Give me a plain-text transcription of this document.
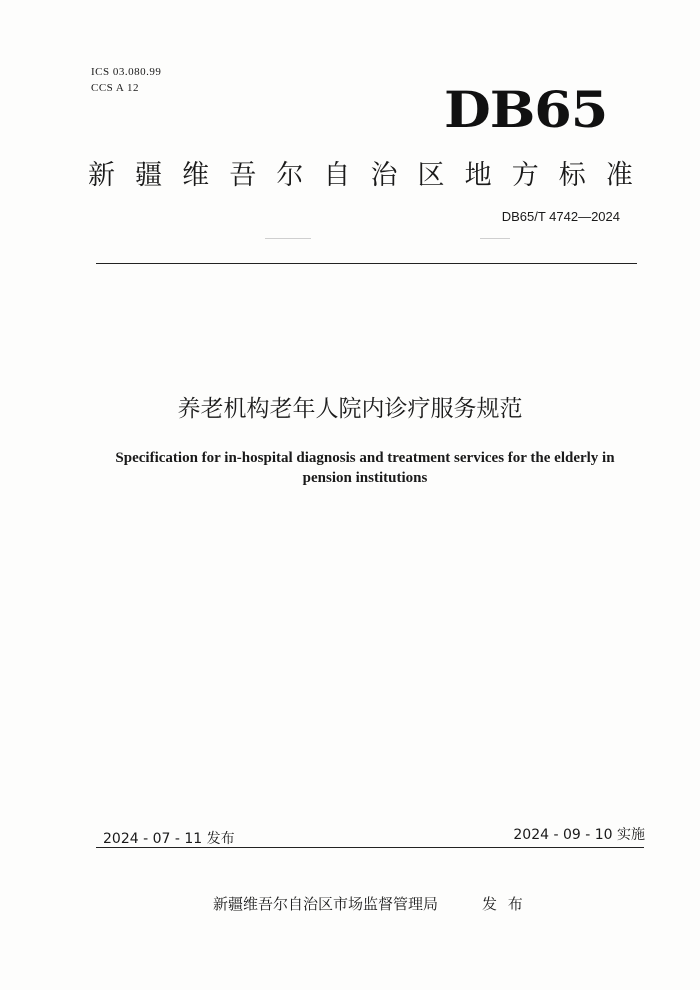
ICS 03.080.99
CCS A 12	DB65
新 疆 维 吾 尔 自 治 区 地 方 标 准
DB65/T 4742—2024
养老机构老年人院内诊疗服务规范
Specification for in-hospital diagnosis and treatment services for the elderly in
pension institutions
2024 - 07 - 11 发布	2024 - 09 - 10 实施
新疆维吾尔自治区市场监督管理局	发 布
